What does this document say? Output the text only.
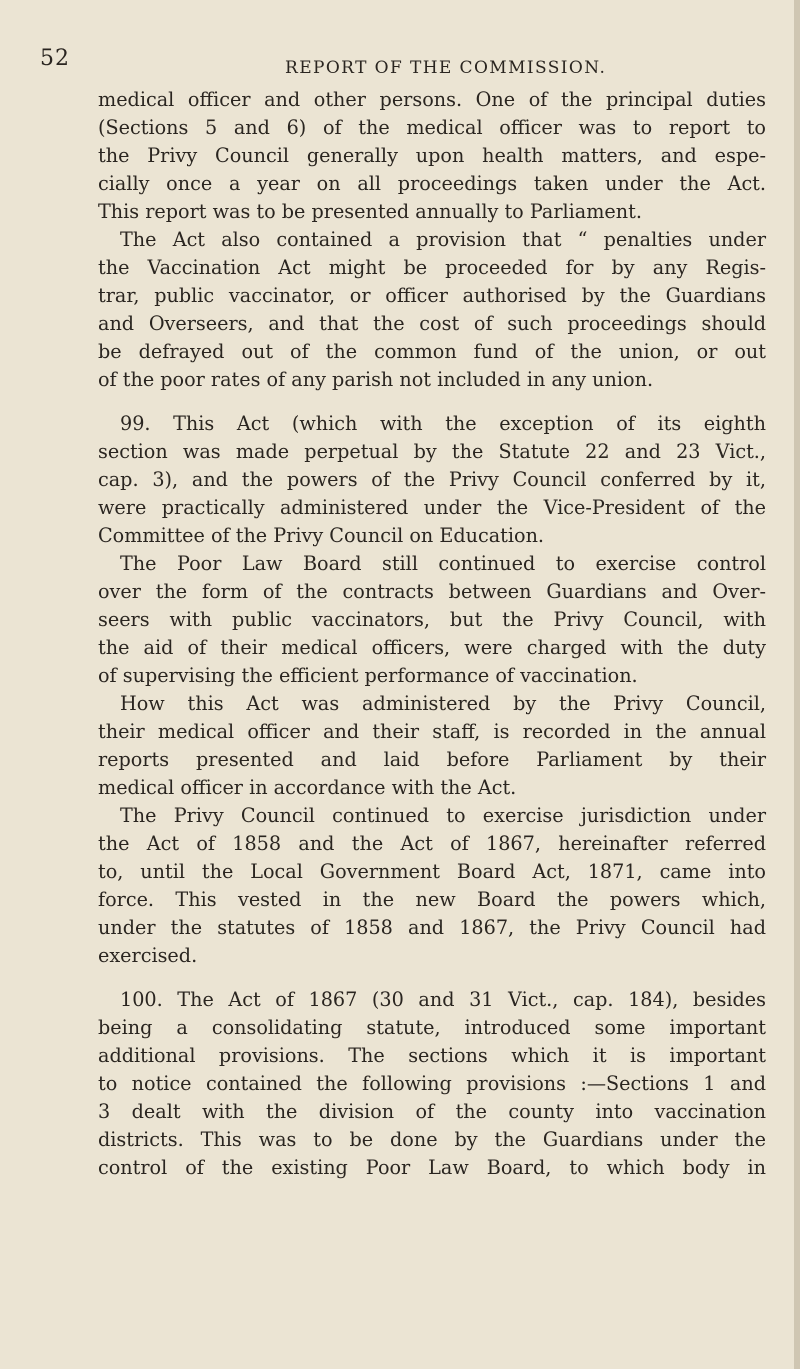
52	REPORT OF THE COMMISSION.
medical officer and other persons. One of the principal duties
(Sections 5 and 6) of the medical officer was to report to
the Privy Council generally upon health matters, and espe-
cially once a year on all proceedings taken under the Act.
This report was to be presented annually to Parliament.
The Act also contained a provision that “ penalties under
the Vaccination Act might be proceeded for by any Regis-
trar, public vaccinator, or officer authorised by the Guardians
and Overseers, and that the cost of such proceedings should
be defrayed out of the common fund of the union, or out
of the poor rates of any parish not included in any union.
99. This Act (which with the exception of its eighth
section was made perpetual by the Statute 22 and 23 Vict.,
cap. 3), and the powers of the Privy Council conferred by it,
were practically administered under the Vice-President of the
Committee of the Privy Council on Education.
The Poor Law Board still continued to exercise control
over the form of the contracts between Guardians and Over-
seers with public vaccinators, but the Privy Council, with
the aid of their medical officers, were charged with the duty
of supervising the efficient performance of vaccination.
How this Act was administered by the Privy Council,
their medical officer and their staff, is recorded in the annual
reports presented and laid before Parliament by their
medical officer in accordance with the Act.
The Privy Council continued to exercise jurisdiction under
the Act of 1858 and the Act of 1867, hereinafter referred
to, until the Local Government Board Act, 1871, came into
force. This vested in the new Board the powers which,
under the statutes of 1858 and 1867, the Privy Council had
exercised.
100. The Act of 1867 (30 and 31 Vict., cap. 184), besides
being a consolidating statute, introduced some important
additional provisions. The sections which it is important
to notice contained the following provisions :—Sections 1 and
3 dealt with the division of the county into vaccination
districts. This was to be done by the Guardians under the
control of the existing Poor Law Board, to which body in
